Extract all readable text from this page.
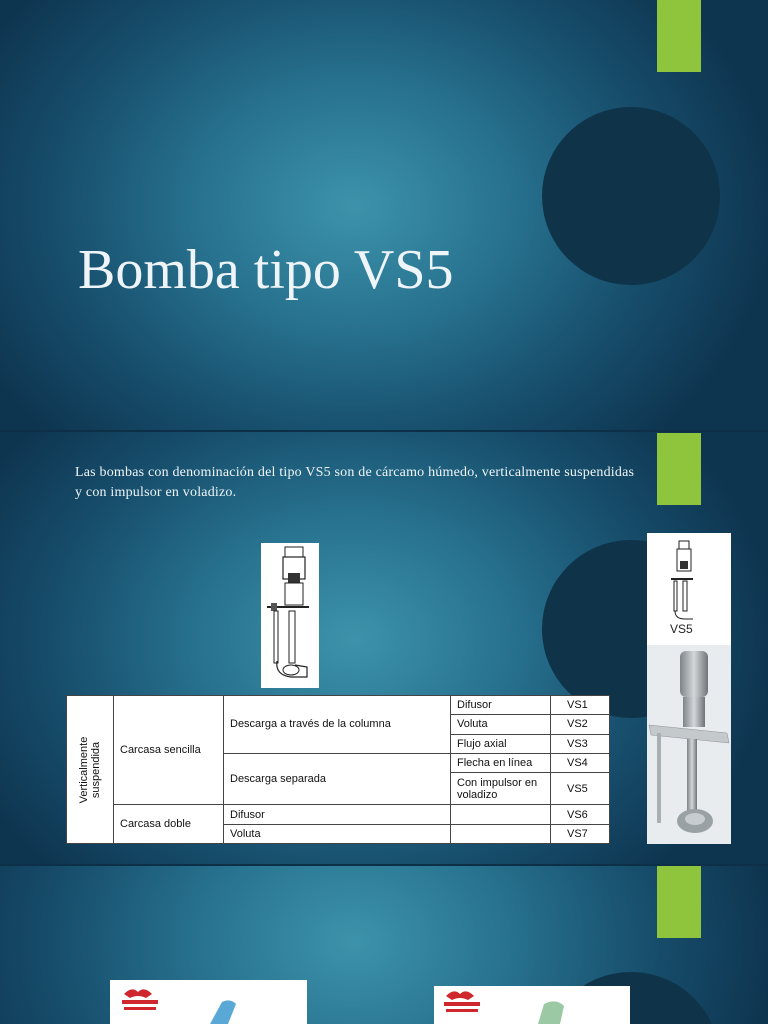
Bomba tipo VS5

Las bombas con denominación del tipo VS5 son de cárcamo húmedo, verticalmente suspendidas y con impulsor en voladizo.

VS5
Verticalmente suspendida	Carcasa sencilla	Descarga a través de la columna	Difusor	VS1
			Voluta	VS2
			Flujo axial	VS3
		Descarga separada	Flecha en línea	VS4
			Con impulsor en voladizo	VS5
	Carcasa doble	Difusor		VS6
		Voluta		VS7
